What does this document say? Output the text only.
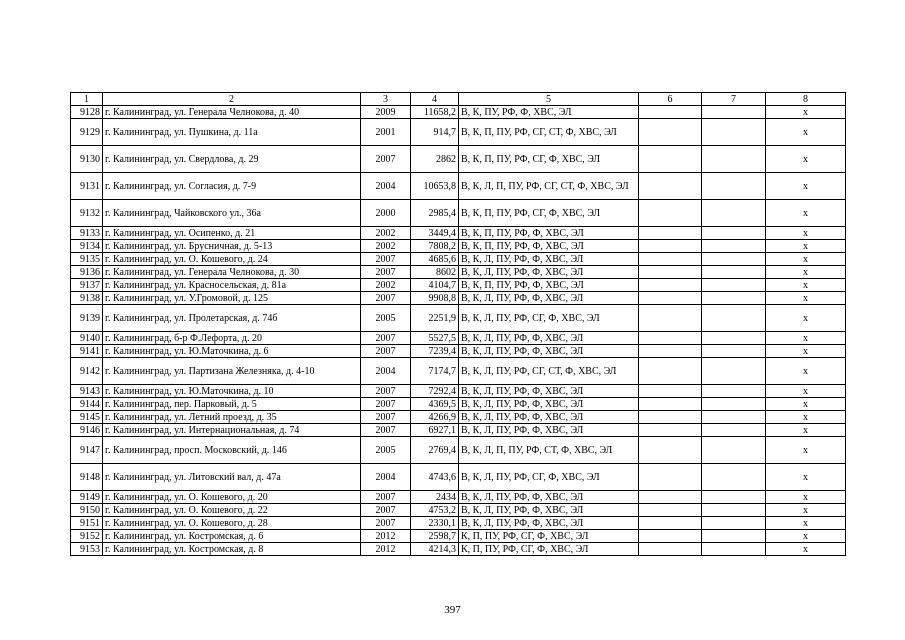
1	2	3	4	5	6	7	8
9128	г. Калининград, ул. Генерала Челнокова, д. 40	2009	11658,2	В, К, ПУ, РФ, Ф, ХВС, ЭЛ			х
9129	г. Калининград, ул. Пушкина, д. 11а	2001	914,7	В, К, П, ПУ, РФ, СГ, СТ, Ф, ХВС, ЭЛ			х
9130	г. Калининград, ул. Свердлова, д. 29	2007	2862	В, К, П, ПУ, РФ, СГ, Ф, ХВС, ЭЛ			х
9131	г. Калининград, ул. Согласия, д. 7-9	2004	10653,8	В, К, Л, П, ПУ, РФ, СГ, СТ, Ф, ХВС, ЭЛ			х
9132	г. Калининград, Чайковского ул., 36а	2000	2985,4	В, К, П, ПУ, РФ, СГ, Ф, ХВС, ЭЛ			х
9133	г. Калининград, ул. Осипенко, д. 21	2002	3449,4	В, К, П, ПУ, РФ, Ф, ХВС, ЭЛ			х
9134	г. Калининград, ул. Брусничная, д. 5-13	2002	7808,2	В, К, П, ПУ, РФ, Ф, ХВС, ЭЛ			х
9135	г. Калининград, ул. О. Кошевого, д. 24	2007	4685,6	В, К, Л, ПУ, РФ, Ф, ХВС, ЭЛ			х
9136	г. Калининград, ул. Генерала Челнокова, д. 30	2007	8602	В, К, Л, ПУ, РФ, Ф, ХВС, ЭЛ			х
9137	г. Калининград, ул. Красносельская, д. 81а	2002	4104,7	В, К, П, ПУ, РФ, Ф, ХВС, ЭЛ			х
9138	г. Калининград, ул. У.Громовой, д. 125	2007	9908,8	В, К, Л, ПУ, РФ, Ф, ХВС, ЭЛ			х
9139	г. Калининград, ул. Пролетарская, д. 74б	2005	2251,9	В, К, Л, ПУ, РФ, СГ, Ф, ХВС, ЭЛ			х
9140	г. Калининград, б-р Ф.Лефорта, д. 20	2007	5527,5	В, К, Л, ПУ, РФ, Ф, ХВС, ЭЛ			х
9141	г. Калининград, ул. Ю.Маточкина, д. 6	2007	7239,4	В, К, Л, ПУ, РФ, Ф, ХВС, ЭЛ			х
9142	г. Калининград, ул. Партизана Железняка, д. 4-10	2004	7174,7	В, К, Л, ПУ, РФ, СГ, СТ, Ф, ХВС, ЭЛ			х
9143	г. Калининград, ул. Ю.Маточкина, д. 10	2007	7292,4	В, К, Л, ПУ, РФ, Ф, ХВС, ЭЛ			х
9144	г. Калининград, пер. Парковый, д. 5	2007	4369,5	В, К, Л, ПУ, РФ, Ф, ХВС, ЭЛ			х
9145	г. Калининград, ул. Летний проезд, д. 35	2007	4266,9	В, К, Л, ПУ, РФ, Ф, ХВС, ЭЛ			х
9146	г. Калининград, ул. Интернациональная, д. 74	2007	6927,1	В, К, Л, ПУ, РФ, Ф, ХВС, ЭЛ			х
9147	г. Калининград, просп. Московский, д. 146	2005	2769,4	В, К, Л, П, ПУ, РФ, СТ, Ф, ХВС, ЭЛ			х
9148	г. Калининград, ул. Литовский вал, д. 47а	2004	4743,6	В, К, Л, ПУ, РФ, СГ, Ф, ХВС, ЭЛ			х
9149	г. Калининград, ул. О. Кошевого, д. 20	2007	2434	В, К, Л, ПУ, РФ, Ф, ХВС, ЭЛ			х
9150	г. Калининград, ул. О. Кошевого, д. 22	2007	4753,2	В, К, Л, ПУ, РФ, Ф, ХВС, ЭЛ			х
9151	г. Калининград, ул. О. Кошевого, д. 28	2007	2330,1	В, К, Л, ПУ, РФ, Ф, ХВС, ЭЛ			х
9152	г. Калининград, ул. Костромская, д. 6	2012	2598,7	К, П, ПУ, РФ, СГ, Ф, ХВС, ЭЛ			х
9153	г. Калининград, ул. Костромская, д. 8	2012	4214,3	К, П, ПУ, РФ, СГ, Ф, ХВС, ЭЛ			х
397
